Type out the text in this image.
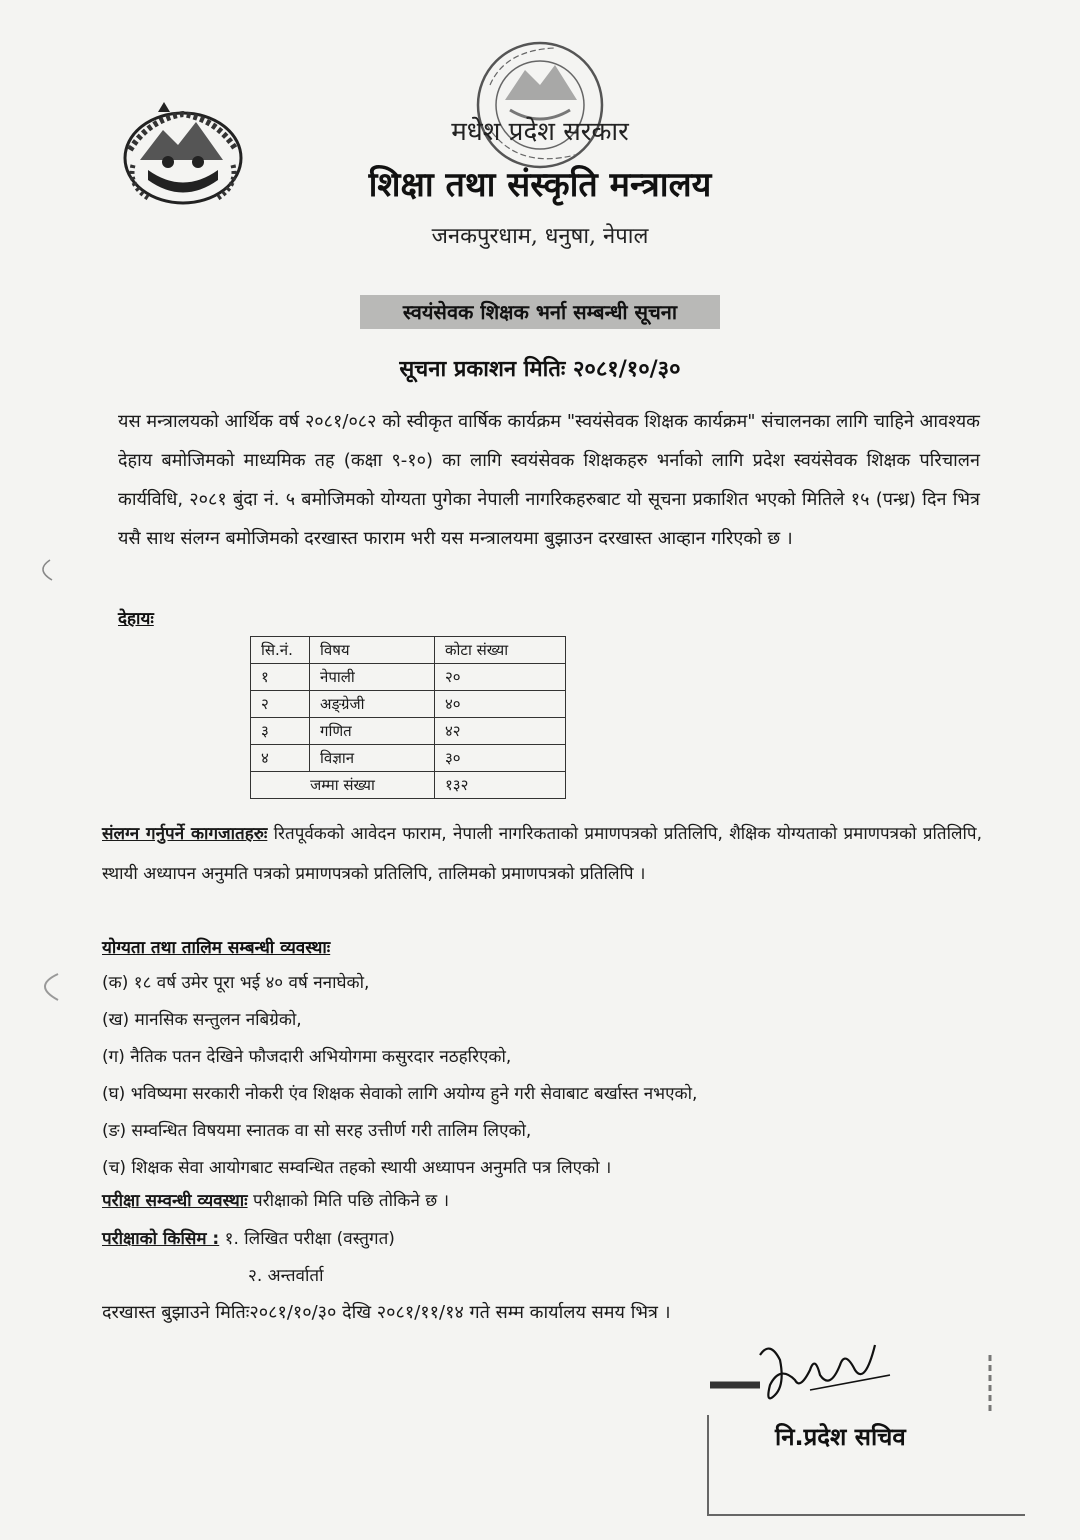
मधेश प्रदेश सरकार
शिक्षा तथा संस्कृति मन्त्रालय
जनकपुरधाम, धनुषा, नेपाल
स्वयंसेवक शिक्षक भर्ना सम्बन्धी सूचना
सूचना प्रकाशन मितिः २०८१/१०/३०
यस मन्त्रालयको आर्थिक वर्ष २०८१/०८२ को स्वीकृत वार्षिक कार्यक्रम "स्वयंसेवक शिक्षक कार्यक्रम" संचालनका लागि चाहिने आवश्यक देहाय बमोजिमको माध्यमिक तह (कक्षा ९-१०) का लागि स्वयंसेवक शिक्षकहरु भर्नाको लागि प्रदेश स्वयंसेवक शिक्षक परिचालन कार्यविधि, २०८१ बुंदा नं. ५ बमोजिमको योग्यता पुगेका नेपाली नागरिकहरुबाट यो सूचना प्रकाशित भएको मितिले १५ (पन्ध्र) दिन भित्र यसै साथ संलग्न बमोजिमको दरखास्त फाराम भरी यस मन्त्रालयमा बुझाउन दरखास्त आव्हान गरिएको छ ।
देहायः
सि.नं.	विषय	कोटा संख्या
१	नेपाली	२०
२	अङ्ग्रेजी	४०
३	गणित	४२
४	विज्ञान	३०
जम्मा संख्या		१३२
संलग्न गर्नुपर्ने कागजातहरुः रितपूर्वकको आवेदन फाराम, नेपाली नागरिकताको प्रमाणपत्रको प्रतिलिपि, शैक्षिक योग्यताको प्रमाणपत्रको प्रतिलिपि, स्थायी अध्यापन अनुमति पत्रको प्रमाणपत्रको प्रतिलिपि, तालिमको प्रमाणपत्रको प्रतिलिपि ।
योग्यता तथा तालिम सम्बन्धी व्यवस्थाः
(क) १८ वर्ष उमेर पूरा भई ४० वर्ष ननाघेको,
(ख) मानसिक सन्तुलन नबिग्रेको,
(ग) नैतिक पतन देखिने फौजदारी अभियोगमा कसुरदार नठहरिएको,
(घ) भविष्यमा सरकारी नोकरी एंव शिक्षक सेवाको लागि अयोग्य हुने गरी सेवाबाट बर्खास्त नभएको,
(ङ) सम्वन्धित विषयमा स्नातक वा सो सरह उत्तीर्ण गरी तालिम लिएको,
(च) शिक्षक सेवा आयोगबाट सम्वन्धित तहको स्थायी अध्यापन अनुमति पत्र लिएको ।
परीक्षा सम्वन्धी व्यवस्थाः परीक्षाको मिति पछि तोकिने छ ।
परीक्षाको किसिम : १. लिखित परीक्षा (वस्तुगत)
२. अन्तर्वार्ता
दरखास्त बुझाउने मितिः२०८१/१०/३० देखि २०८१/११/१४ गते सम्म कार्यालय समय भित्र ।
नि.प्रदेश सचिव
